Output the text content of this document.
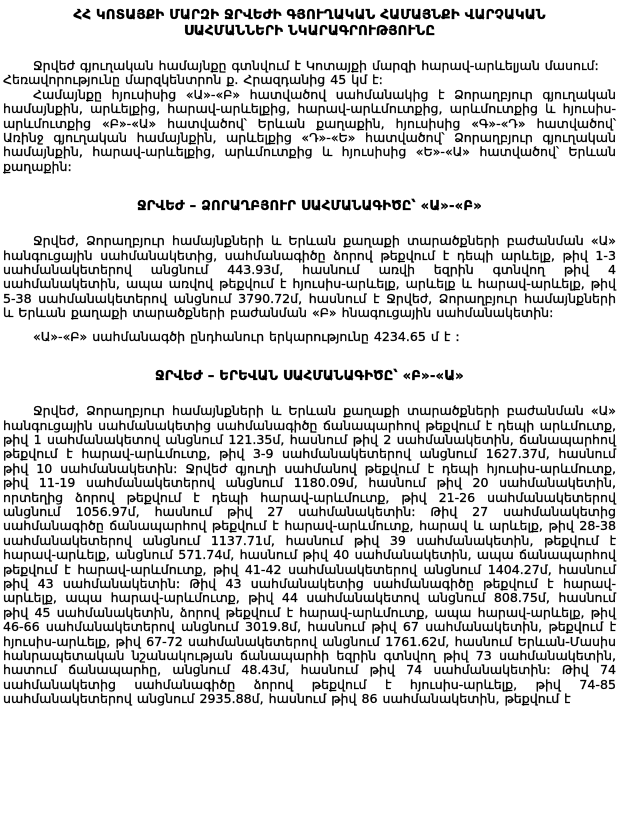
ՀՀ ԿՈՏԱՅՔԻ ՄԱՐԶԻ ՋՐՎԵԺԻ ԳՅՈՒՂԱԿԱՆ ՀԱՄԱՅՆՔԻ ՎԱՐՉԱԿԱՆ ՍԱՀՄԱՆՆԵՐԻ ՆԿԱՐԱԳՐՈՒԹՅՈՒՆԸ

Ջրվեժ գյուղական համայնքը գտնվում է Կոտայքի մարզի հարավ-արևելյան մասում:

Հեռավորությունը մարզկենտրոն ք. Հրազդանից 45 կմ է:

Համայնքը հյուսիսից «Ա»-«Բ» հատվածով սահմանակից է Ձորաղբյուր գյուղական համայնքին, արևելքից, հարավ-արևելքից, հարավ-արևմուտքից, արևմուտքից և հյուսիս-արևմուտքից «Բ»-«Ա» հատվածով՝ Երևան քաղաքին, հյուսիսից «Գ»-«Դ» հատվածով՝ Առինջ գյուղական համայնքին, արևելքից «Դ»-«Ե» հատվածով՝ Ձորաղբյուր գյուղական համայնքին, հարավ-արևելքից, արևմուտքից և հյուսիսից «Ե»-«Ա» հատվածով՝ Երևան քաղաքին:

ՋՐՎԵԺ – ՁՈՐԱՂԲՅՈՒՐ ՍԱՀՄԱՆԱԳԻԾԸ՝ «Ա»-«Բ»

Ջրվեժ, Ձորաղբյուր համայնքների և Երևան քաղաքի տարածքների բաժանման «Ա» հանգուցային սահմանակետից, սահմանագիծը ձորով թեքվում է դեպի արևելք, թիվ 1-3 սահմանակետերով անցնում 443.93մ, հասնում առվի եզրին գտնվող թիվ 4 սահմանակետին, ապա առվով թեքվում է հյուսիս-արևելք, արևելք և հարավ-արևելք, թիվ 5-38 սահմանակետերով անցնում 3790.72մ, հասնում է Ջրվեժ, Ձորաղբյուր համայնքների և Երևան քաղաքի տարածքների բաժանման «Բ» հնագուցային սահմանակետին:

«Ա»-«Բ» սահմանագծի ընդհանուր երկարությունը 4234.65 մ է :

ՋՐՎԵԺ – ԵՐԵՎԱՆ ՍԱՀՄԱՆԱԳԻԾԸ՝ «Բ»-«Ա»

Ջրվեժ, Ձորաղբյուր համայնքների և Երևան քաղաքի տարածքների բաժանման «Ա» հանգուցային սահմանակետից սահմանագիծը ճանապարհով թեքվում է դեպի արևմուտք, թիվ 1 սահմանակետով անցնում 121.35մ, հասնում թիվ 2 սահմանակետին, ճանապարհով թեքվում է հարավ-արևմուտք, թիվ 3-9 սահմանակետերով անցնում 1627.37մ, հասնում թիվ 10 սահմանակետին: Ջրվեժ գյուղի սահմանով թեքվում է դեպի հյուսիս-արևմուտք, թիվ 11-19 սահմանակետերով անցնում 1180.09մ, հասնում թիվ 20 սահմանակետին, որտեղից ձորով թեքվում է դեպի հարավ-արևմուտք, թիվ 21-26 սահմանակետերով անցնում 1056.97մ, հասնում թիվ 27 սահմանակետին: Թիվ 27 սահմանակետից սահմանագիծը ճանապարհով թեքվում է հարավ-արևմուտք, հարավ և արևելք, թիվ 28-38 սահմանակետերով անցնում 1137.71մ, հասնում թիվ 39 սահմանակետին, թեքվում է հարավ-արևելք, անցնում 571.74մ, հասնում թիվ 40 սահմանակետին, ապա ճանապարհով թեքվում է հարավ-արևմուտք, թիվ 41-42 սահմանակետերով անցնում 1404.27մ, հասնում թիվ 43 սահմանակետին: Թիվ 43 սահմանակետից սահմանագիծը թեքվում է հարավ-արևելք, ապա հարավ-արևմուտք, թիվ 44 սահմանակետով անցնում 808.75մ, հասնում թիվ 45 սահմանակետին, ձորով թեքվում է հարավ-արևմուտք, ապա հարավ-արևելք, թիվ 46-66 սահմանակետերով անցնում 3019.8մ, հասնում թիվ 67 սահմանակետին, թեքվում է հյուսիս-արևելք, թիվ 67-72 սահմանակետերով անցնում 1761.62մ, հասնում Երևան-Մասիս հանրապետական նշանակության ճանապարհի եզրին գտնվող թիվ 73 սահմանակետին, հատում ճանապարհը, անցնում 48.43մ, հասնում թիվ 74 սահմանակետին: Թիվ 74 սահմանակետից սահմանագիծը ձորով թեքվում է հյուսիս-արևելք, թիվ 74-85 սահմանակետերով անցնում 2935.88մ, հասնում թիվ 86 սահմանակետին, թեքվում է
